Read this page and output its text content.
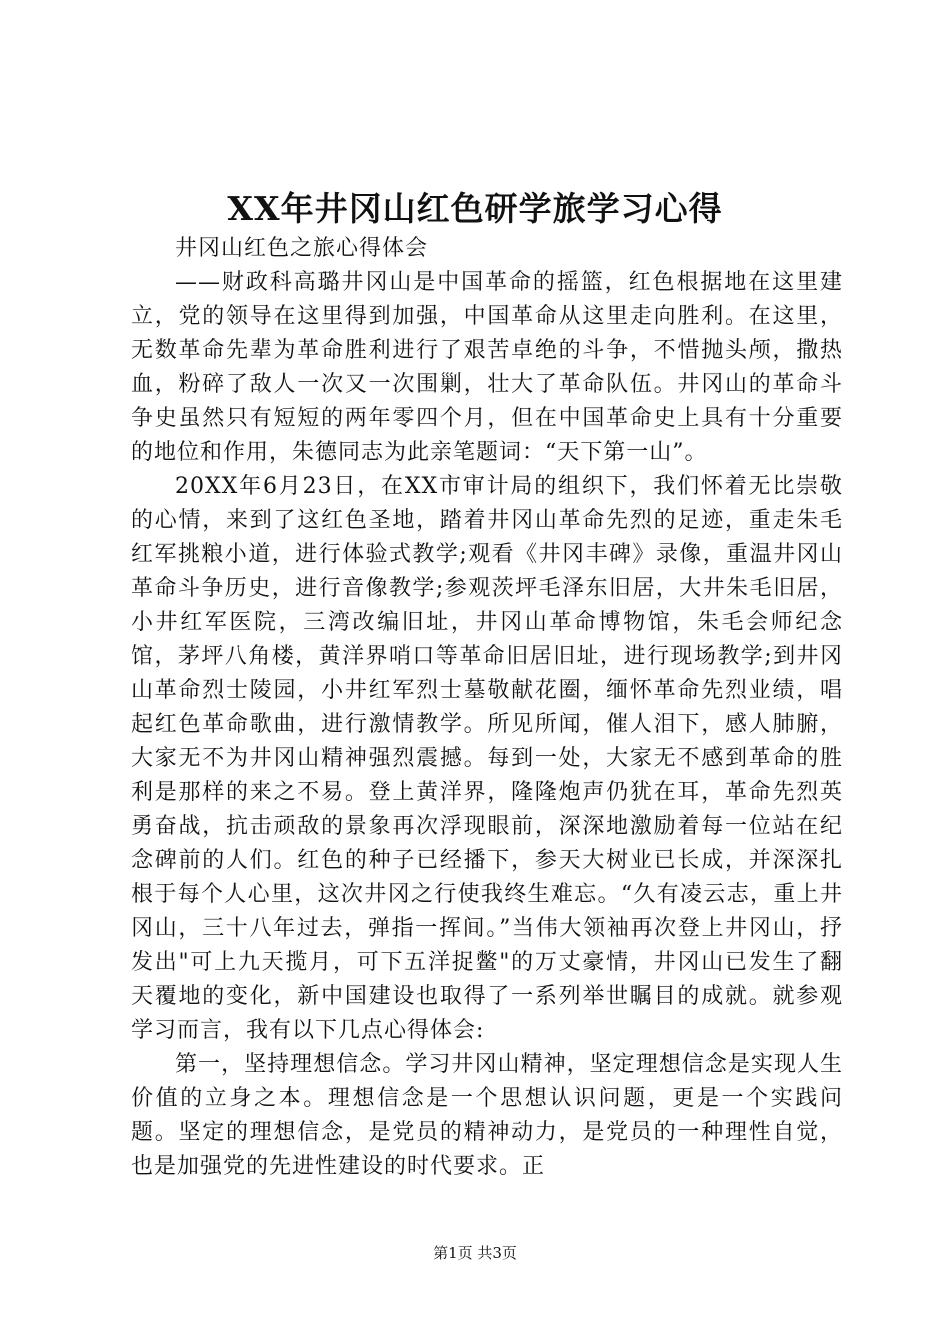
XX年井冈山红色研学旅学习心得

井冈山红色之旅心得体会

——财政科高璐井冈山是中国革命的摇篮，红色根据地在这里建立，党的领导在这里得到加强，中国革命从这里走向胜利。在这里，无数革命先辈为革命胜利进行了艰苦卓绝的斗争，不惜抛头颅，撒热血，粉碎了敌人一次又一次围剿，壮大了革命队伍。井冈山的革命斗争史虽然只有短短的两年零四个月，但在中国革命史上具有十分重要的地位和作用，朱德同志为此亲笔题词：“天下第一山”。

20XX年6月23日，在XX市审计局的组织下，我们怀着无比崇敬的心情，来到了这红色圣地，踏着井冈山革命先烈的足迹，重走朱毛红军挑粮小道，进行体验式教学;观看《井冈丰碑》录像，重温井冈山革命斗争历史，进行音像教学;参观茨坪毛泽东旧居，大井朱毛旧居，小井红军医院，三湾改编旧址，井冈山革命博物馆，朱毛会师纪念馆，茅坪八角楼，黄洋界哨口等革命旧居旧址，进行现场教学;到井冈山革命烈士陵园，小井红军烈士墓敬献花圈，缅怀革命先烈业绩，唱起红色革命歌曲，进行激情教学。所见所闻，催人泪下，感人肺腑，大家无不为井冈山精神强烈震撼。每到一处，大家无不感到革命的胜利是那样的来之不易。登上黄洋界，隆隆炮声仍犹在耳，革命先烈英勇奋战，抗击顽敌的景象再次浮现眼前，深深地激励着每一位站在纪念碑前的人们。红色的种子已经播下，参天大树业已长成，并深深扎根于每个人心里，这次井冈之行使我终生难忘。“久有凌云志，重上井冈山，三十八年过去，弹指一挥间。”当伟大领袖再次登上井冈山，抒发出"可上九天揽月，可下五洋捉鳖"的万丈豪情，井冈山已发生了翻天覆地的变化，新中国建设也取得了一系列举世瞩目的成就。就参观学习而言，我有以下几点心得体会:

第一，坚持理想信念。学习井冈山精神，坚定理想信念是实现人生价值的立身之本。理想信念是一个思想认识问题，更是一个实践问题。坚定的理想信念，是党员的精神动力，是党员的一种理性自觉，也是加强党的先进性建设的时代要求。正

第1页 共3页
